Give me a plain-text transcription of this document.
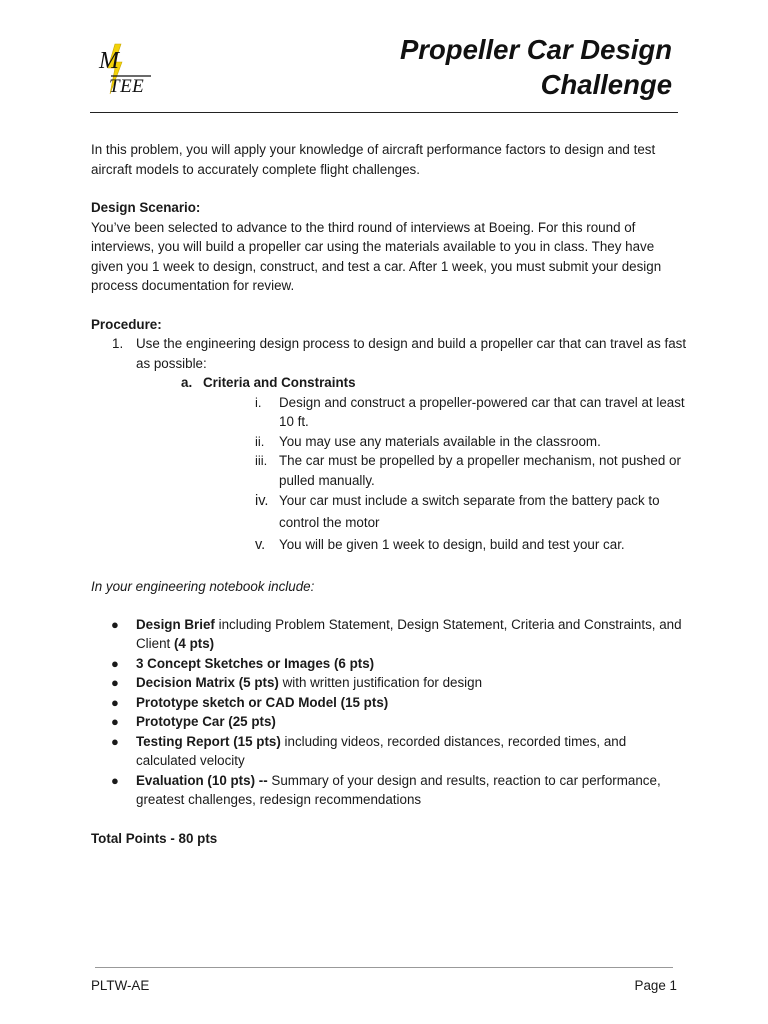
M
TEE
Propeller Car Design
Challenge

In this problem, you will apply your knowledge of aircraft performance factors to design and test aircraft models to accurately complete flight challenges.

Design Scenario:

You’ve been selected to advance to the third round of interviews at Boeing. For this round of interviews, you will build a propeller car using the materials available to you in class. They have given you 1 week to design, construct, and test a car. After 1 week, you must submit your design process documentation for review.

Procedure:

1. Use the engineering design process to design and build a propeller car that can travel as fast as possible:
a. Criteria and Constraints
i. Design and construct a propeller-powered car that can travel at least 10 ft.
ii. You may use any materials available in the classroom.
iii. The car must be propelled by a propeller mechanism, not pushed or pulled manually.
iv. Your car must include a switch separate from the battery pack to control the motor
v. You will be given 1 week to design, build and test your car.

In your engineering notebook include:

● Design Brief including Problem Statement, Design Statement, Criteria and Constraints, and Client (4 pts)
● 3 Concept Sketches or Images (6 pts)
● Decision Matrix (5 pts) with written justification for design
● Prototype sketch or CAD Model (15 pts)
● Prototype Car (25 pts)
● Testing Report (15 pts) including videos, recorded distances, recorded times, and calculated velocity
● Evaluation (10 pts) -- Summary of your design and results, reaction to car performance, greatest challenges, redesign recommendations

Total Points - 80 pts

PLTW-AE	Page 1
